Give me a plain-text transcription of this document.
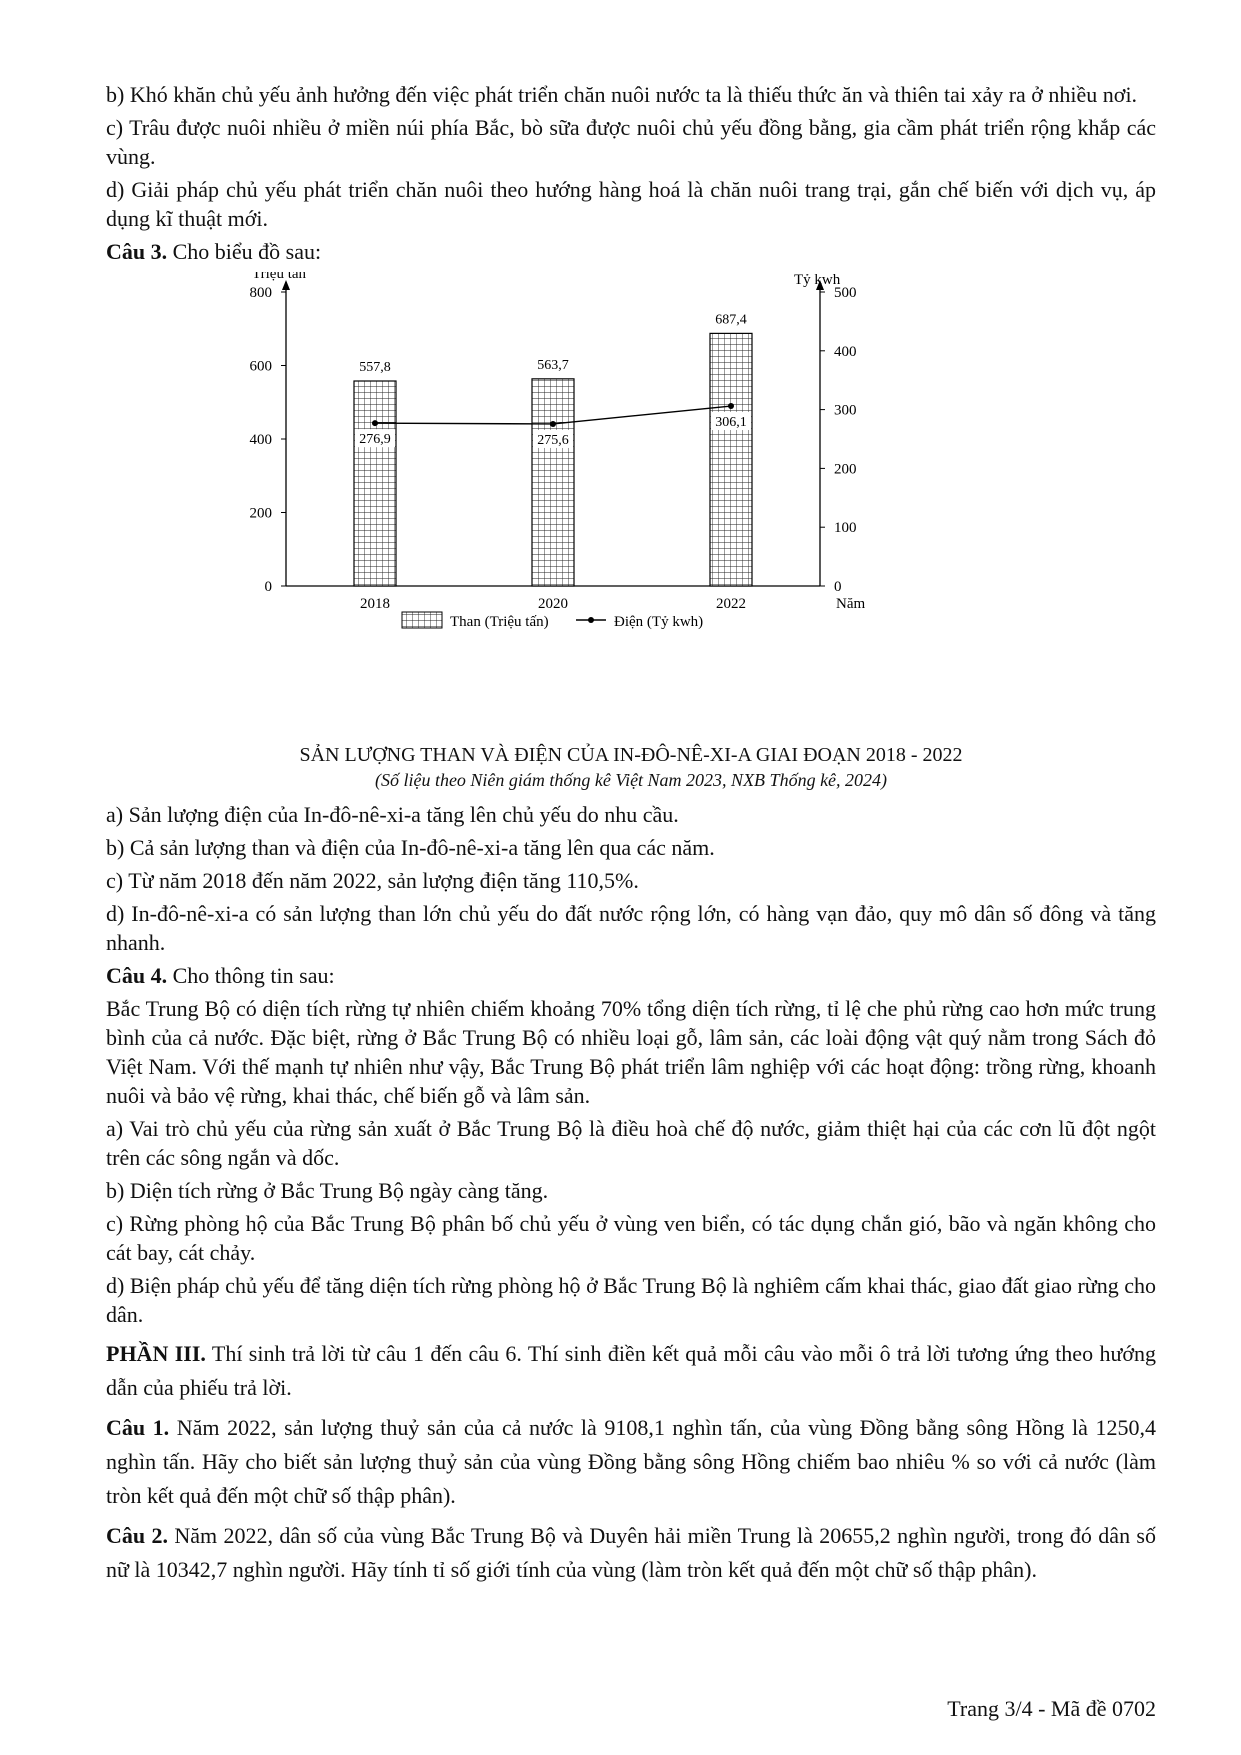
b) Khó khăn chủ yếu ảnh hưởng đến việc phát triển chăn nuôi nước ta là thiếu thức ăn và thiên tai xảy ra ở nhiều nơi.

c) Trâu được nuôi nhiều ở miền núi phía Bắc, bò sữa được nuôi chủ yếu đồng bằng, gia cầm phát triển rộng khắp các vùng.

d) Giải pháp chủ yếu phát triển chăn nuôi theo hướng hàng hoá là chăn nuôi trang trại, gắn chế biến với dịch vụ, áp dụng kĩ thuật mới.

Câu 3. Cho biểu đồ sau:

Triệu tấn	Tỷ kwh
Năm
0
200
400
600
800
0
100
200
300
400
500
557,8
2018
563,7
2020
687,4
2022
276,9	275,6
306,1
Than (Triệu tấn)	Điện (Tỷ kwh)
SẢN LƯỢNG THAN VÀ ĐIỆN CỦA IN-ĐÔ-NÊ-XI-A GIAI ĐOẠN 2018 - 2022
(Số liệu theo Niên giám thống kê Việt Nam 2023, NXB Thống kê, 2024)

a) Sản lượng điện của In-đô-nê-xi-a tăng lên chủ yếu do nhu cầu.

b) Cả sản lượng than và điện của In-đô-nê-xi-a tăng lên qua các năm.

c) Từ năm 2018 đến năm 2022, sản lượng điện tăng 110,5%.

d) In-đô-nê-xi-a có sản lượng than lớn chủ yếu do đất nước rộng lớn, có hàng vạn đảo, quy mô dân số đông và tăng nhanh.

Câu 4. Cho thông tin sau:

Bắc Trung Bộ có diện tích rừng tự nhiên chiếm khoảng 70% tổng diện tích rừng, tỉ lệ che phủ rừng cao hơn mức trung bình của cả nước. Đặc biệt, rừng ở Bắc Trung Bộ có nhiều loại gỗ, lâm sản, các loài động vật quý nằm trong Sách đỏ Việt Nam. Với thế mạnh tự nhiên như vậy, Bắc Trung Bộ phát triển lâm nghiệp với các hoạt động: trồng rừng, khoanh nuôi và bảo vệ rừng, khai thác, chế biến gỗ và lâm sản.

a) Vai trò chủ yếu của rừng sản xuất ở Bắc Trung Bộ là điều hoà chế độ nước, giảm thiệt hại của các cơn lũ đột ngột trên các sông ngắn và dốc.

b) Diện tích rừng ở Bắc Trung Bộ ngày càng tăng.

c) Rừng phòng hộ của Bắc Trung Bộ phân bố chủ yếu ở vùng ven biển, có tác dụng chắn gió, bão và ngăn không cho cát bay, cát chảy.

d) Biện pháp chủ yếu để tăng diện tích rừng phòng hộ ở Bắc Trung Bộ là nghiêm cấm khai thác, giao đất giao rừng cho dân.

PHẦN III. Thí sinh trả lời từ câu 1 đến câu 6. Thí sinh điền kết quả mỗi câu vào mỗi ô trả lời tương ứng theo hướng dẫn của phiếu trả lời.

Câu 1. Năm 2022, sản lượng thuỷ sản của cả nước là 9108,1 nghìn tấn, của vùng Đồng bằng sông Hồng là 1250,4 nghìn tấn. Hãy cho biết sản lượng thuỷ sản của vùng Đồng bằng sông Hồng chiếm bao nhiêu % so với cả nước (làm tròn kết quả đến một chữ số thập phân).

Câu 2. Năm 2022, dân số của vùng Bắc Trung Bộ và Duyên hải miền Trung là 20655,2 nghìn người, trong đó dân số nữ là 10342,7 nghìn người. Hãy tính tỉ số giới tính của vùng (làm tròn kết quả đến một chữ số thập phân).

Trang 3/4 - Mã đề 0702
